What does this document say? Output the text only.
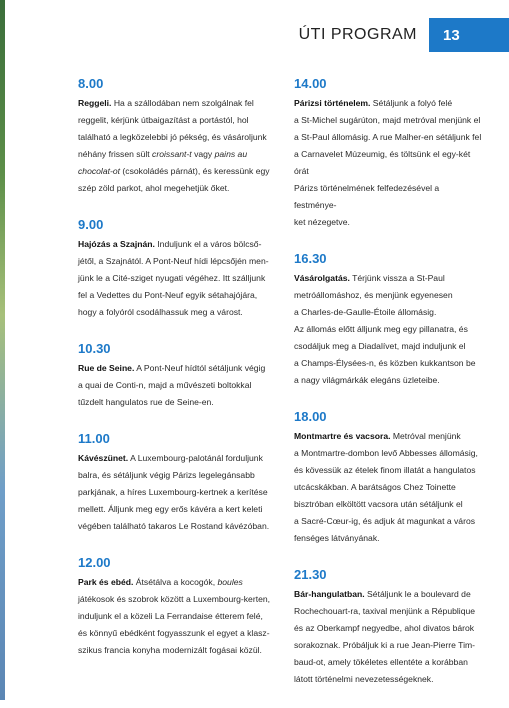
ÚTI PROGRAM 13
8.00

Reggeli. Ha a szállodában nem szolgálnak fel
reggelit, kérjünk útbaigazítást a portástól, hol
található a legközelebbi jó pékség, és vásároljunk
néhány frissen sült croissant-t vagy pains au
chocolat-ot (csokoládés párnát), és keressünk egy
szép zöld parkot, ahol megehetjük őket.

9.00

Hajózás a Szajnán. Induljunk el a város bölcső-
jétől, a Szajnától. A Pont-Neuf hídi lépcsőjén men-
jünk le a Cité-sziget nyugati végéhez. Itt szálljunk
fel a Vedettes du Pont-Neuf egyik sétahajójára,
hogy a folyóról csodálhassuk meg a várost.

10.30

Rue de Seine. A Pont-Neuf hídtól sétáljunk végig
a quai de Conti-n, majd a művészeti boltokkal
tűzdelt hangulatos rue de Seine-en.

11.00

Kávészünet. A Luxembourg-palotánál forduljunk
balra, és sétáljunk végig Párizs legelegánsabb
parkjának, a híres Luxembourg-kertnek a kerítése
mellett. Álljunk meg egy erős kávéra a kert keleti
végében található takaros Le Rostand kávézóban.

12.00

Park és ebéd. Átsétálva a kocogók, boules
játékosok és szobrok között a Luxembourg-kerten,
induljunk el a közeli La Ferrandaise étterem felé,
és könnyű ebédként fogyasszunk el egyet a klasz-
szikus francia konyha modernizált fogásai közül.

14.00

Párizsi történelem. Sétáljunk a folyó felé
a St-Michel sugárúton, majd metróval menjünk el
a St-Paul állomásig. A rue Malher-en sétáljunk fel
a Carnavelet Múzeumig, és töltsünk el egy-két órát
Párizs történelmének felfedezésével a festménye-
ket nézegetve.

16.30

Vásárolgatás. Térjünk vissza a St-Paul
metróállomáshoz, és menjünk egyenesen
a Charles-de-Gaulle-Étoile állomásig.
Az állomás előtt álljunk meg egy pillanatra, és
csodáljuk meg a Diadalívet, majd induljunk el
a Champs-Élysées-n, és közben kukkantson be
a nagy világmárkák elegáns üzleteibe.

18.00

Montmartre és vacsora. Metróval menjünk
a Montmartre-dombon levő Abbesses állomásig,
és kövessük az ételek finom illatát a hangulatos
utcácskákban. A barátságos Chez Toinette
bisztróban elköltött vacsora után sétáljunk el
a Sacré-Cœur-ig, és adjuk át magunkat a város
fenséges látványának.

21.30

Bár-hangulatban. Sétáljunk le a boulevard de
Rochechouart-ra, taxival menjünk a République
és az Oberkampf negyedbe, ahol divatos bárok
sorakoznak. Próbáljuk ki a rue Jean-Pierre Tim-
baud-ot, amely tökéletes ellentéte a korábban
látott történelmi nevezetességeknek.
